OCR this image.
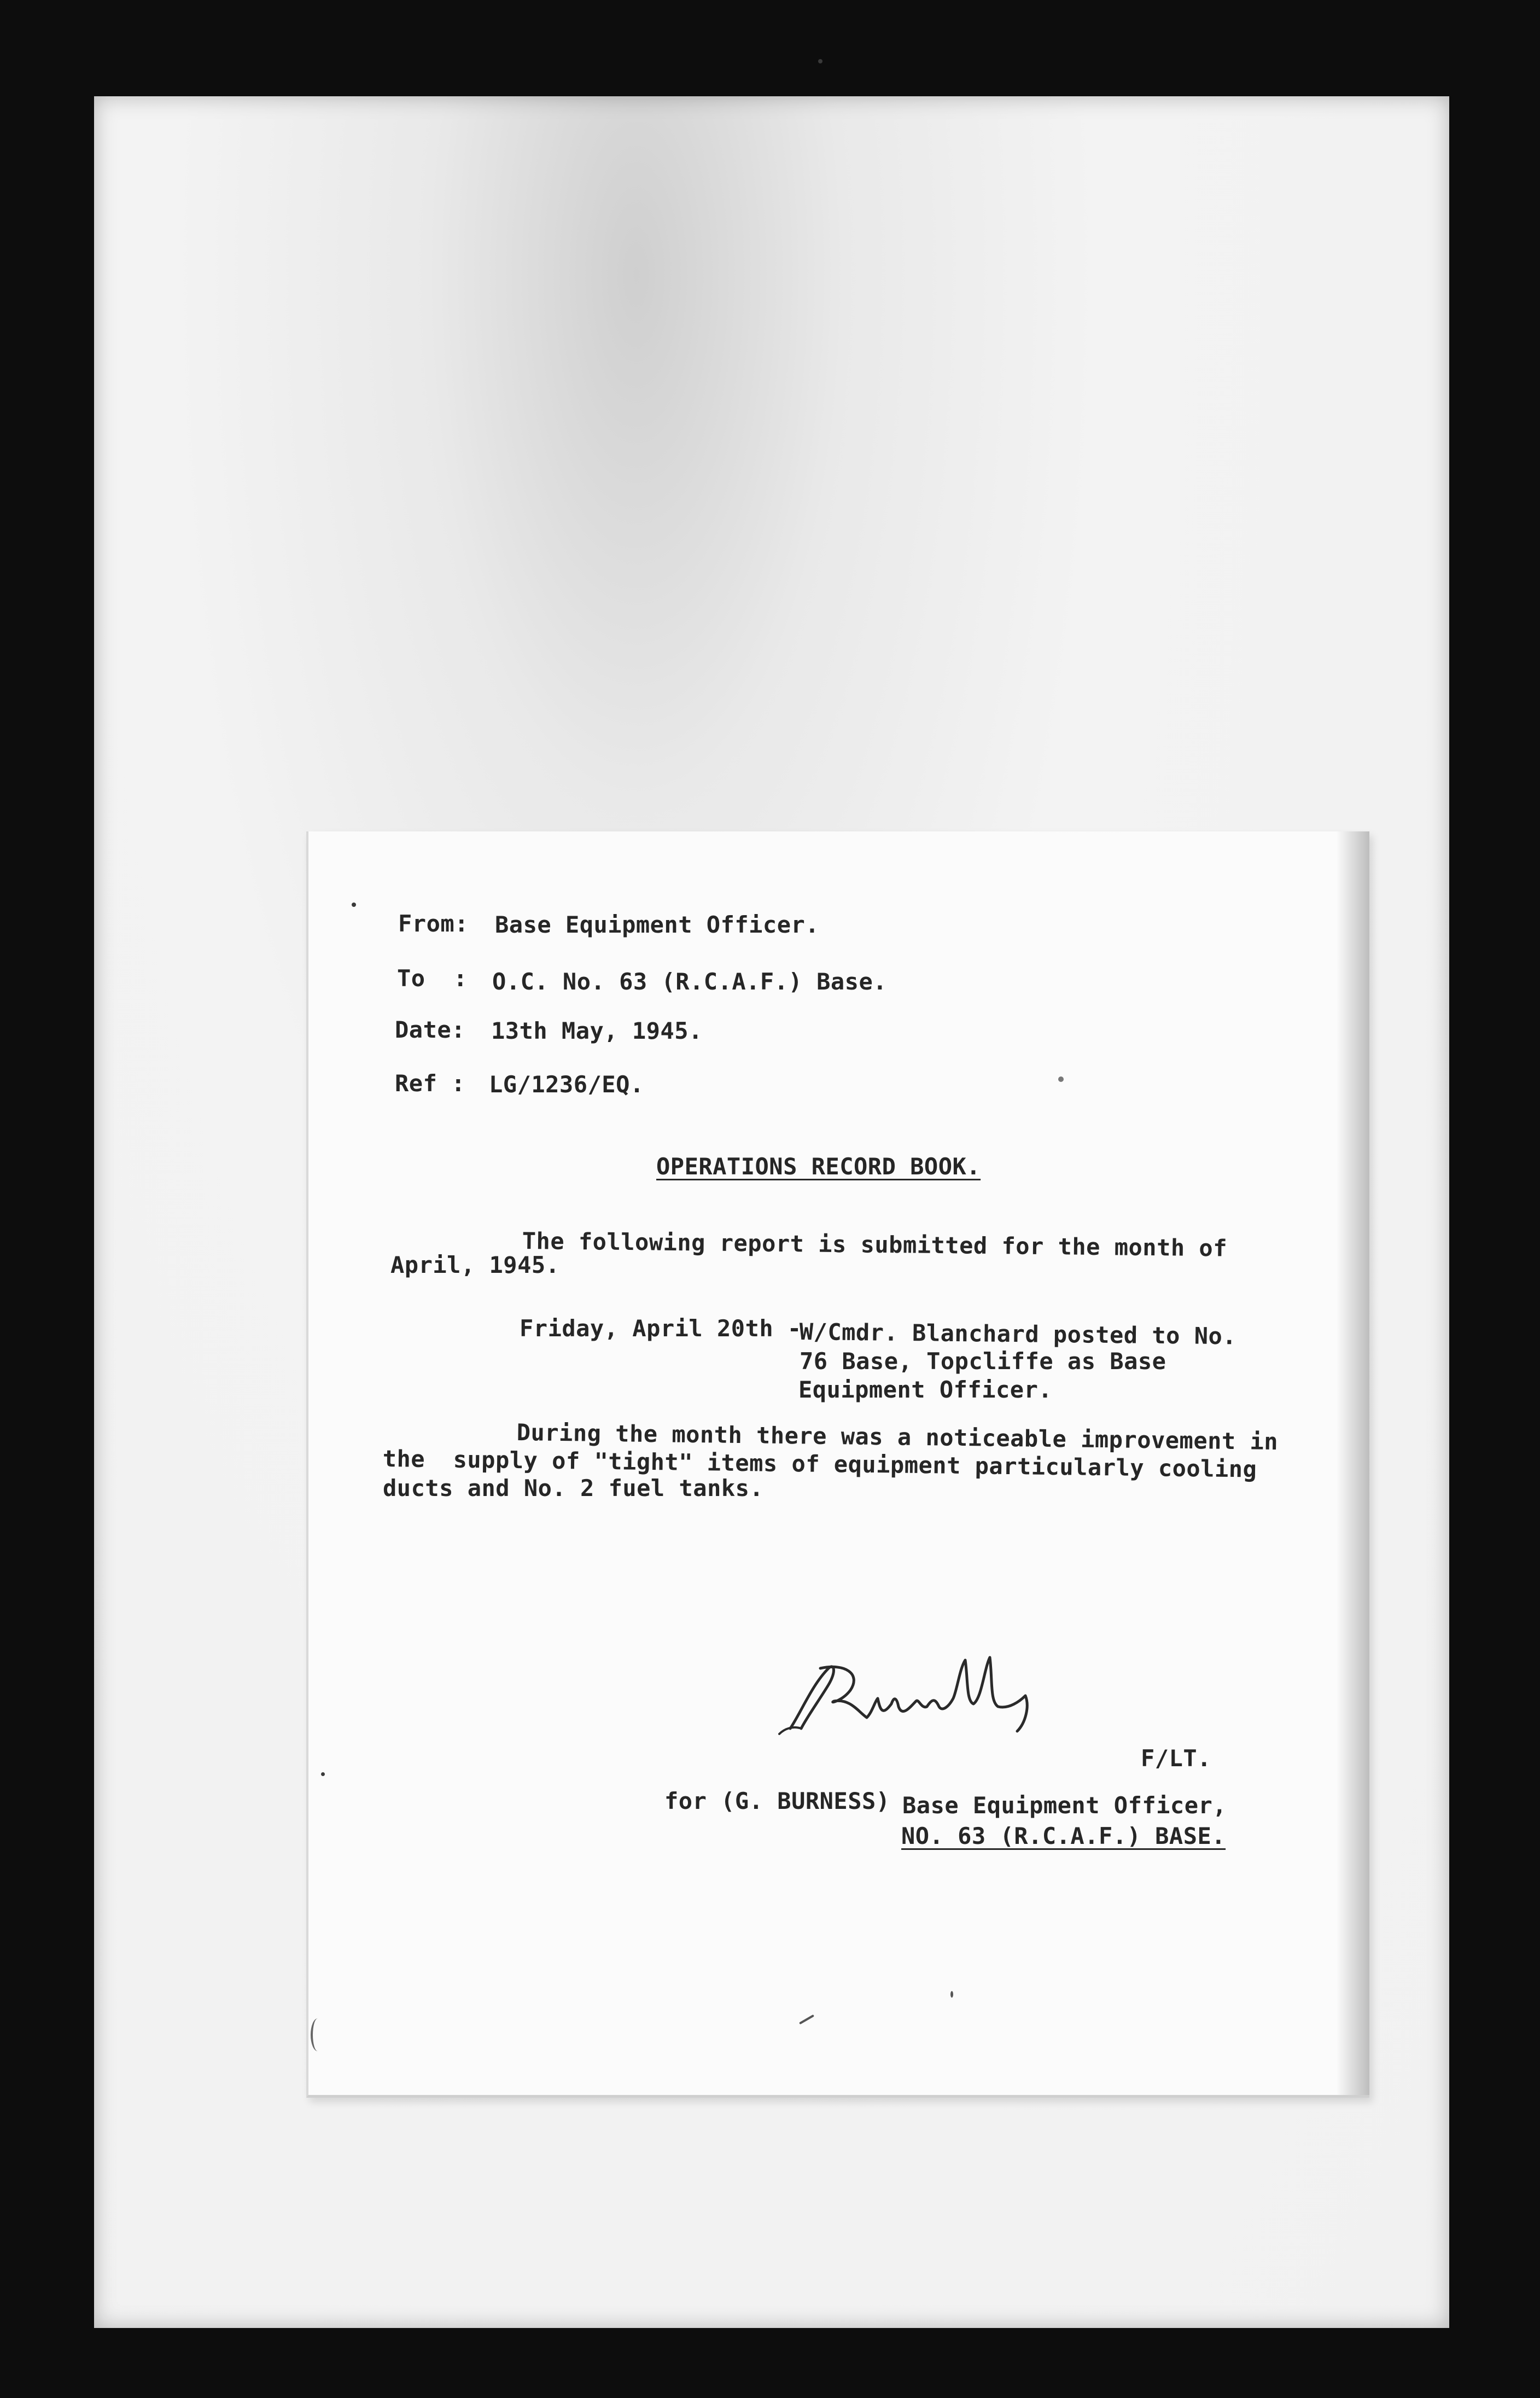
From: Base Equipment Officer.
To  : O.C. No. 63 (R.C.A.F.) Base.
Date: 13th May, 1945.
Ref : LG/1236/EQ.
OPERATIONS RECORD BOOK.
The following report is submitted for the month of
April, 1945.
Friday, April 20th -
W/Cmdr. Blanchard posted to No.
76 Base, Topcliffe as Base
Equipment Officer.
During the month there was a noticeable improvement in
the  supply of "tight" items of equipment particularly cooling
ducts and No. 2 fuel tanks.
F/LT.
for (G. BURNESS) Base Equipment Officer,
NO. 63 (R.C.A.F.) BASE.
